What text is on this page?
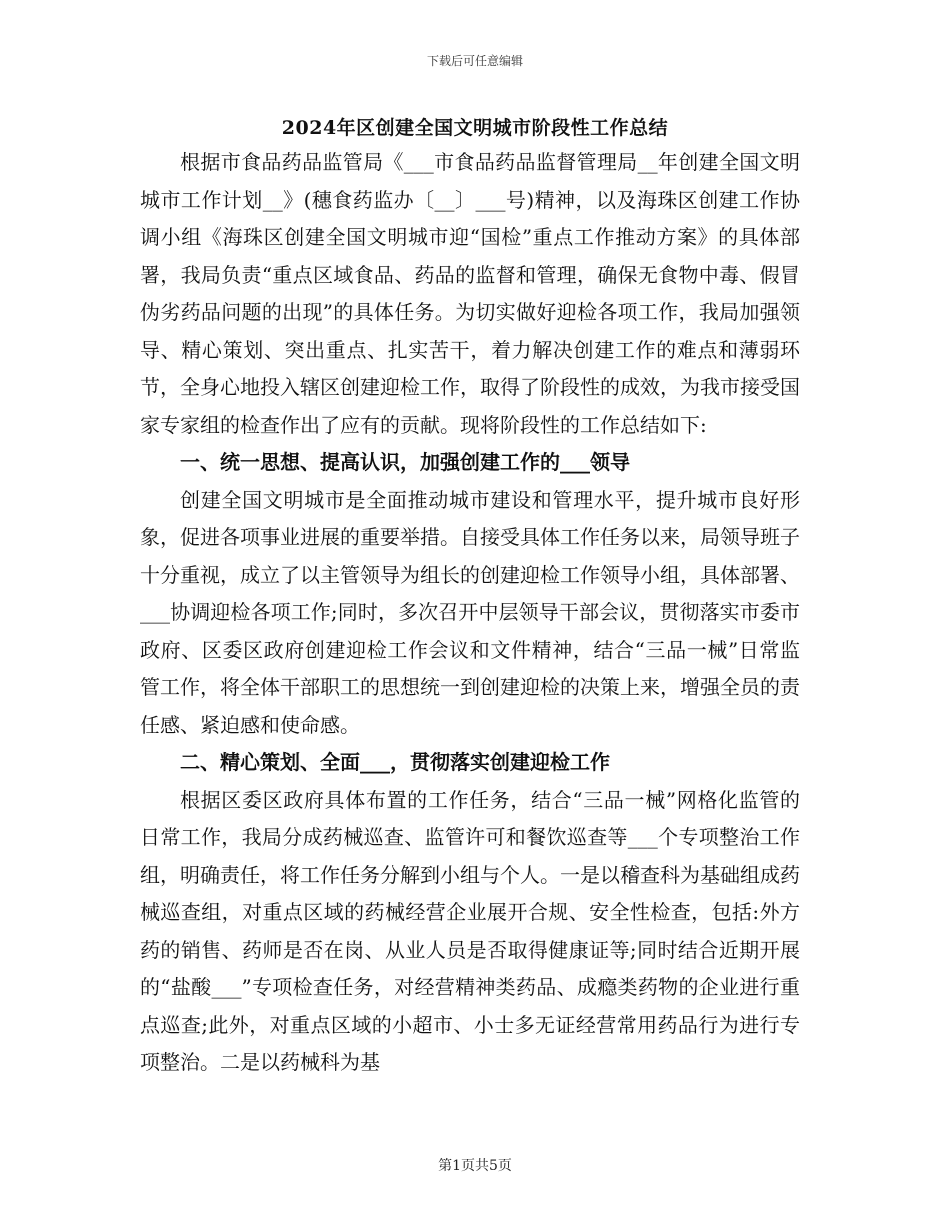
下载后可任意编辑
2024年区创建全国文明城市阶段性工作总结

根据市食品药品监管局《___市食品药品监督管理局__年创建全国文明城市工作计划__》(穗食药监办〔__〕___号)精神，以及海珠区创建工作协调小组《海珠区创建全国文明城市迎“国检”重点工作推动方案》的具体部署，我局负责“重点区域食品、药品的监督和管理，确保无食物中毒、假冒伪劣药品问题的出现”的具体任务。为切实做好迎检各项工作，我局加强领导、精心策划、突出重点、扎实苦干，着力解决创建工作的难点和薄弱环节，全身心地投入辖区创建迎检工作，取得了阶段性的成效，为我市接受国家专家组的检查作出了应有的贡献。现将阶段性的工作总结如下:

一、统一思想、提高认识，加强创建工作的___领导

创建全国文明城市是全面推动城市建设和管理水平，提升城市良好形象，促进各项事业进展的重要举措。自接受具体工作任务以来，局领导班子十分重视，成立了以主管领导为组长的创建迎检工作领导小组，具体部署、___协调迎检各项工作;同时，多次召开中层领导干部会议，贯彻落实市委市政府、区委区政府创建迎检工作会议和文件精神，结合“三品一械”日常监管工作，将全体干部职工的思想统一到创建迎检的决策上来，增强全员的责任感、紧迫感和使命感。

二、精心策划、全面___，贯彻落实创建迎检工作

根据区委区政府具体布置的工作任务，结合“三品一械”网格化监管的日常工作，我局分成药械巡查、监管许可和餐饮巡查等___个专项整治工作组，明确责任，将工作任务分解到小组与个人。一是以稽查科为基础组成药械巡查组，对重点区域的药械经营企业展开合规、安全性检查，包括:外方药的销售、药师是否在岗、从业人员是否取得健康证等;同时结合近期开展的“盐酸___”专项检查任务，对经营精神类药品、成瘾类药物的企业进行重点巡查;此外，对重点区域的小超市、小士多无证经营常用药品行为进行专项整治。二是以药械科为基

第1页共5页
